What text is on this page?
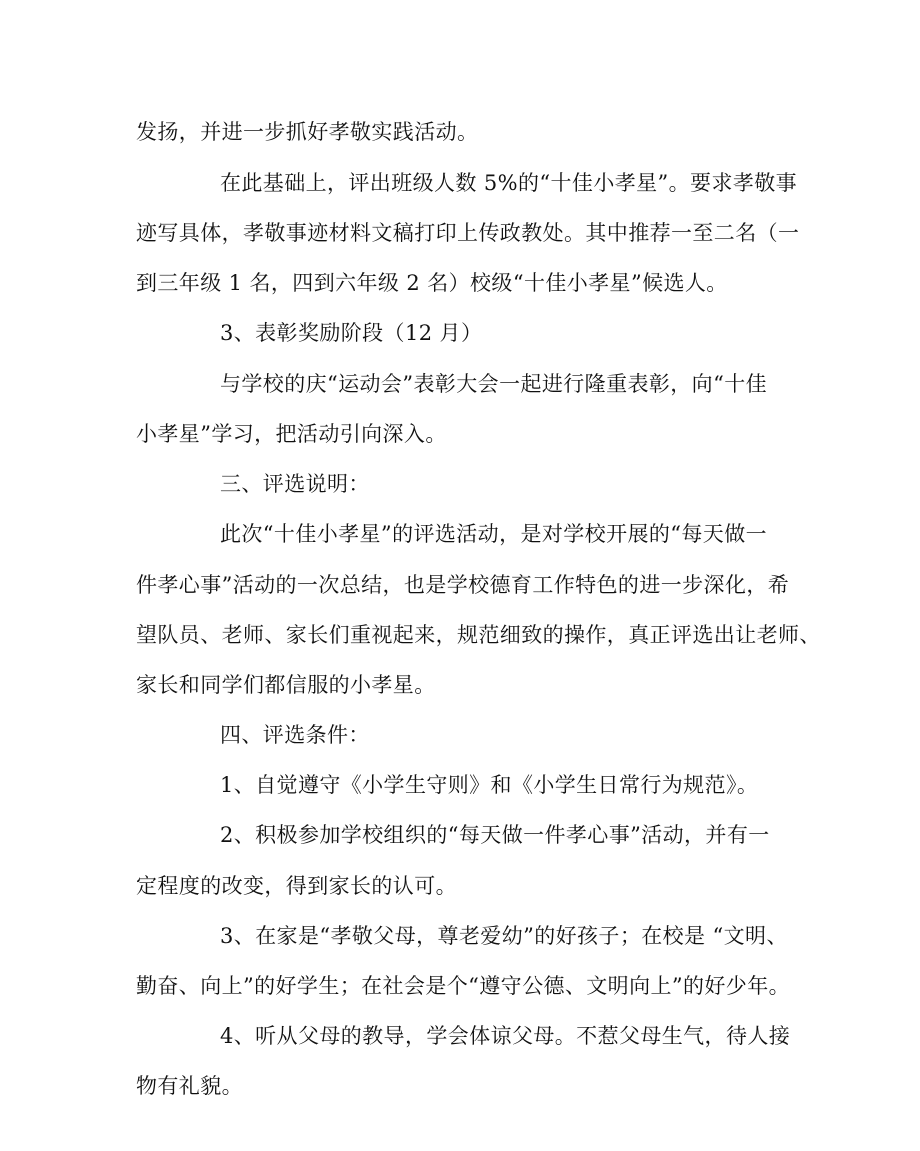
发扬，并进一步抓好孝敬实践活动。
在此基础上，评出班级人数 5%的“十佳小孝星”。要求孝敬事
迹写具体，孝敬事迹材料文稿打印上传政教处。其中推荐一至二名（一
到三年级 1 名，四到六年级 2 名）校级“十佳小孝星”候选人。
3、表彰奖励阶段（12 月）
与学校的庆“运动会”表彰大会一起进行隆重表彰，向“十佳
小孝星”学习，把活动引向深入。
三、评选说明：
此次“十佳小孝星”的评选活动，是对学校开展的“每天做一
件孝心事”活动的一次总结，也是学校德育工作特色的进一步深化，希
望队员、老师、家长们重视起来，规范细致的操作，真正评选出让老师、
家长和同学们都信服的小孝星。
四、评选条件：
1、自觉遵守《小学生守则》和《小学生日常行为规范》。
2、积极参加学校组织的“每天做一件孝心事”活动，并有一
定程度的改变，得到家长的认可。
3、在家是“孝敬父母，尊老爱幼”的好孩子；在校是 “文明、
勤奋、向上”的好学生；在社会是个“遵守公德、文明向上”的好少年。
4、听从父母的教导，学会体谅父母。不惹父母生气，待人接
物有礼貌。
